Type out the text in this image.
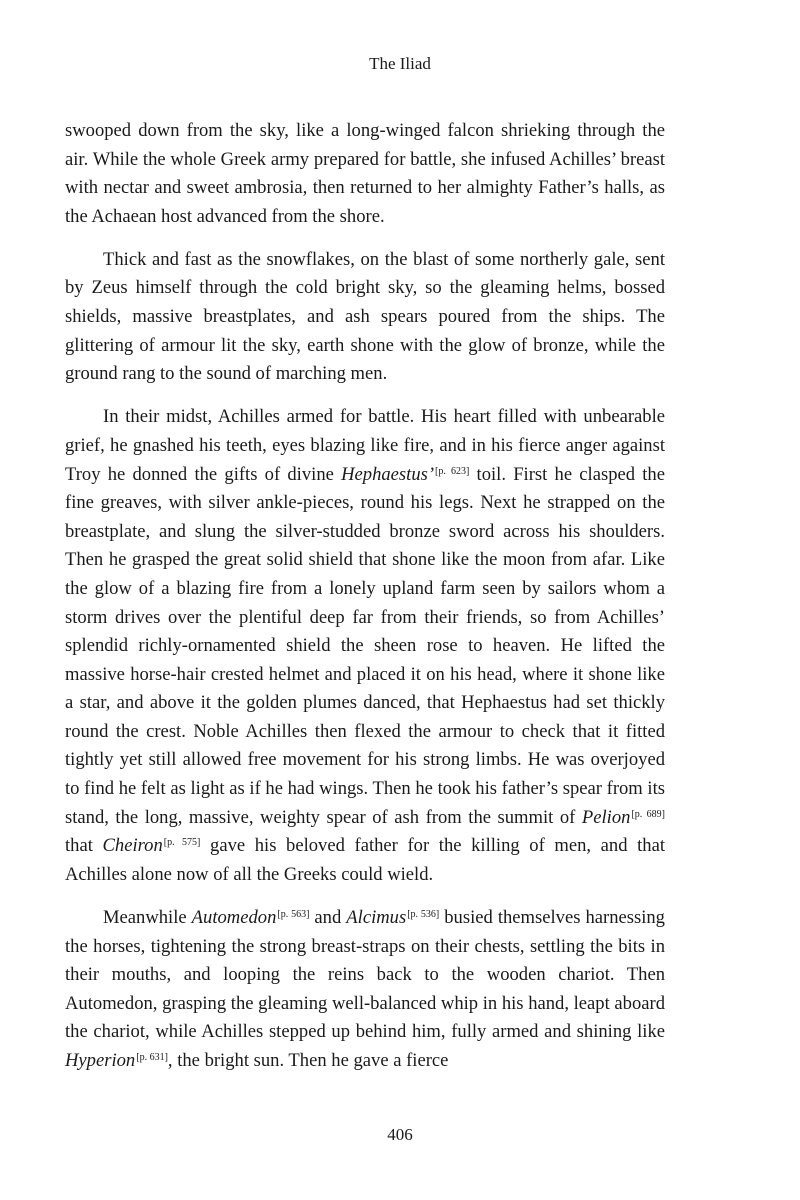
The Iliad

swooped down from the sky, like a long-winged falcon shrieking through the air. While the whole Greek army prepared for battle, she infused Achilles’ breast with nectar and sweet ambrosia, then returned to her almighty Father’s halls, as the Achaean host advanced from the shore.

Thick and fast as the snowflakes, on the blast of some northerly gale, sent by Zeus himself through the cold bright sky, so the gleaming helms, bossed shields, massive breastplates, and ash spears poured from the ships. The glittering of armour lit the sky, earth shone with the glow of bronze, while the ground rang to the sound of marching men.

In their midst, Achilles armed for battle. His heart filled with unbearable grief, he gnashed his teeth, eyes blazing like fire, and in his fierce anger against Troy he donned the gifts of divine Hephaestus’[p. 623] toil. First he clasped the fine greaves, with silver ankle-pieces, round his legs. Next he strapped on the breastplate, and slung the silver-studded bronze sword across his shoulders. Then he grasped the great solid shield that shone like the moon from afar. Like the glow of a blazing fire from a lonely upland farm seen by sailors whom a storm drives over the plentiful deep far from their friends, so from Achilles’ splendid richly-ornamented shield the sheen rose to heaven. He lifted the massive horse-hair crested helmet and placed it on his head, where it shone like a star, and above it the golden plumes danced, that Hephaestus had set thickly round the crest. Noble Achilles then flexed the armour to check that it fitted tightly yet still allowed free movement for his strong limbs. He was overjoyed to find he felt as light as if he had wings. Then he took his father’s spear from its stand, the long, massive, weighty spear of ash from the summit of Pelion[p. 689] that Cheiron[p. 575] gave his beloved father for the killing of men, and that Achilles alone now of all the Greeks could wield.

Meanwhile Automedon[p. 563] and Alcimus[p. 536] busied themselves harnessing the horses, tightening the strong breast-straps on their chests, settling the bits in their mouths, and looping the reins back to the wooden chariot. Then Automedon, grasping the gleaming well-balanced whip in his hand, leapt aboard the chariot, while Achilles stepped up behind him, fully armed and shining like Hyperion[p. 631], the bright sun. Then he gave a fierce

406
